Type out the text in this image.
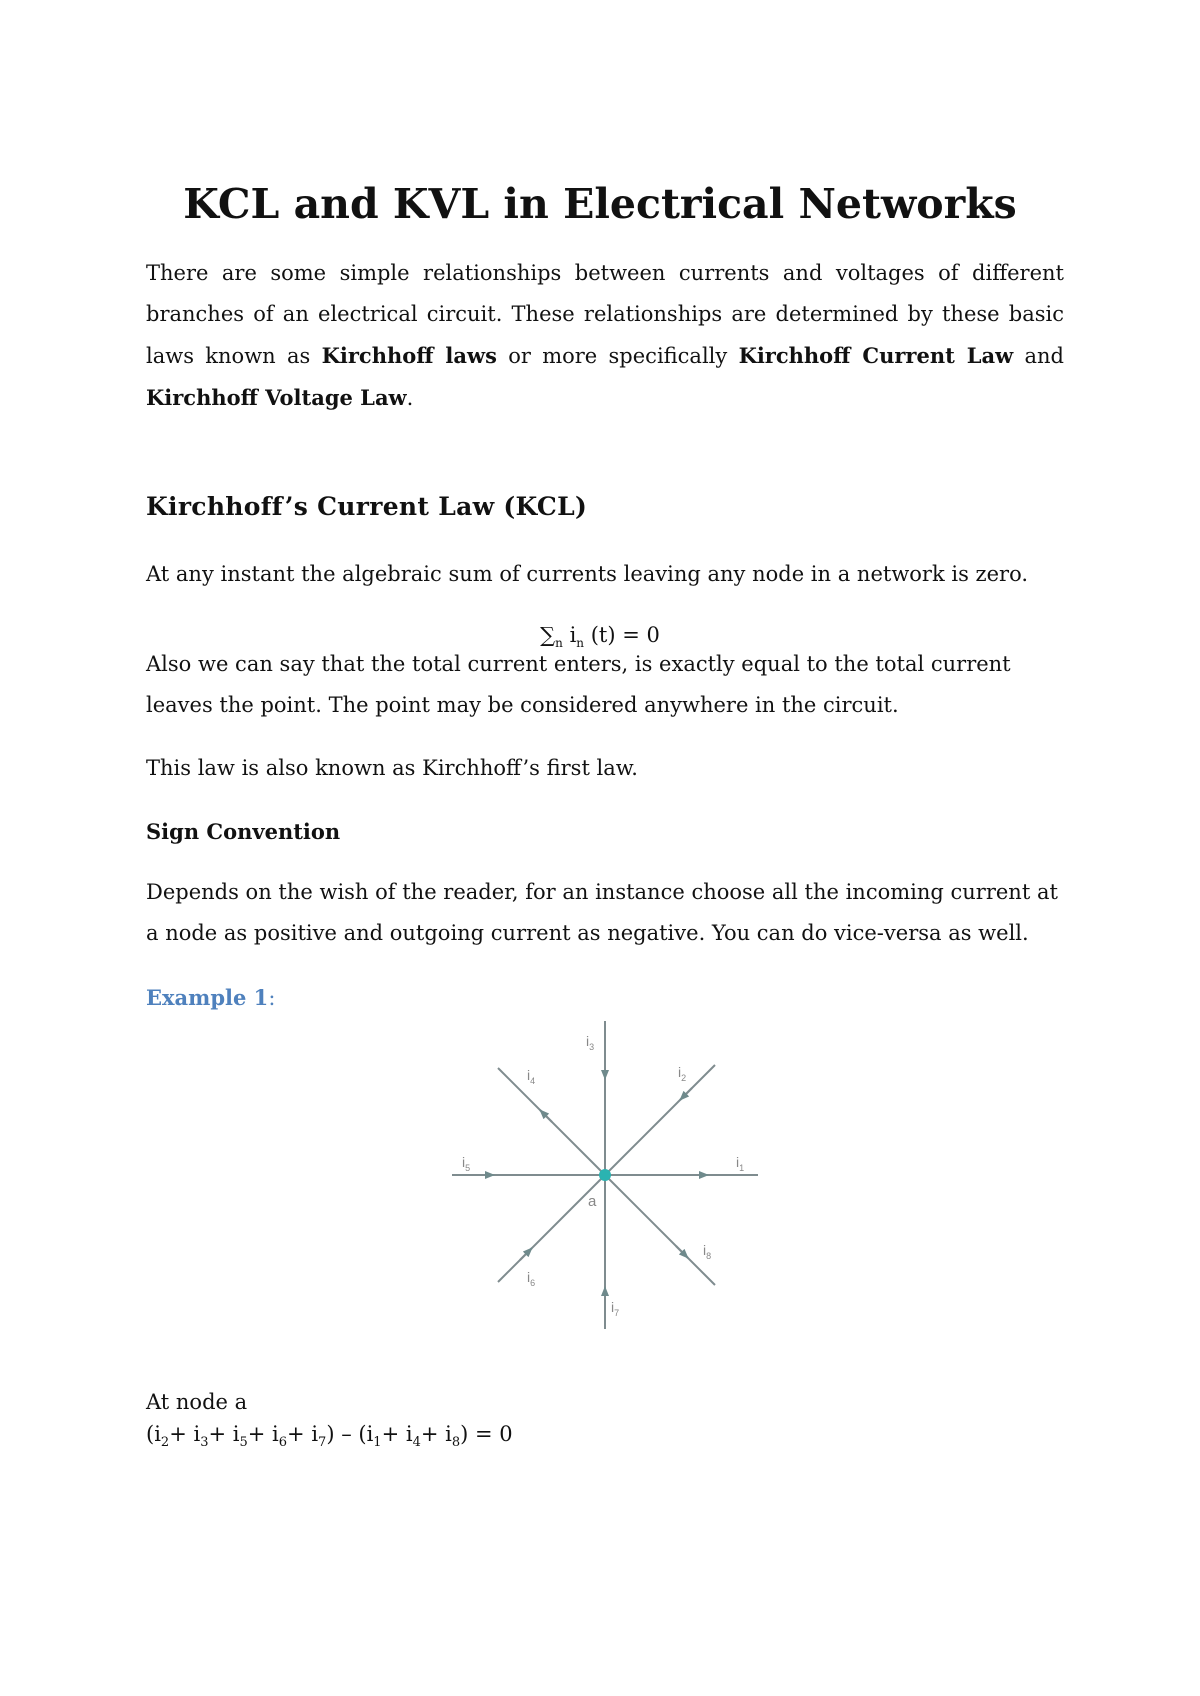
KCL and KVL in Electrical Networks

There are some simple relationships between currents and voltages of different branches of an electrical circuit. These relationships are determined by these basic laws known as Kirchhoff laws or more specifically Kirchhoff Current Law and Kirchhoff Voltage Law.

Kirchhoff’s Current Law (KCL)

At any instant the algebraic sum of currents leaving any node in a network is zero.

$\sum_n$ $i_n$ (t) = 0

Also we can say that the total current enters, is exactly equal to the total current leaves the point. The point may be considered anywhere in the circuit.

This law is also known as Kirchhoff’s first law.

Sign Convention

Depends on the wish of the reader, for an instance choose all the incoming current at a node as positive and outgoing current as negative. You can do vice-versa as well.

Example 1:

a
$i_1$
$i_2$
$i_3$
$i_4$
$i_5$
$i_6$
$i_7$
$i_8$

At node a

$(i_2+ i_3+ i_5+ i_6+ i_7) - (i_1+ i_4+ i_8) = 0$
